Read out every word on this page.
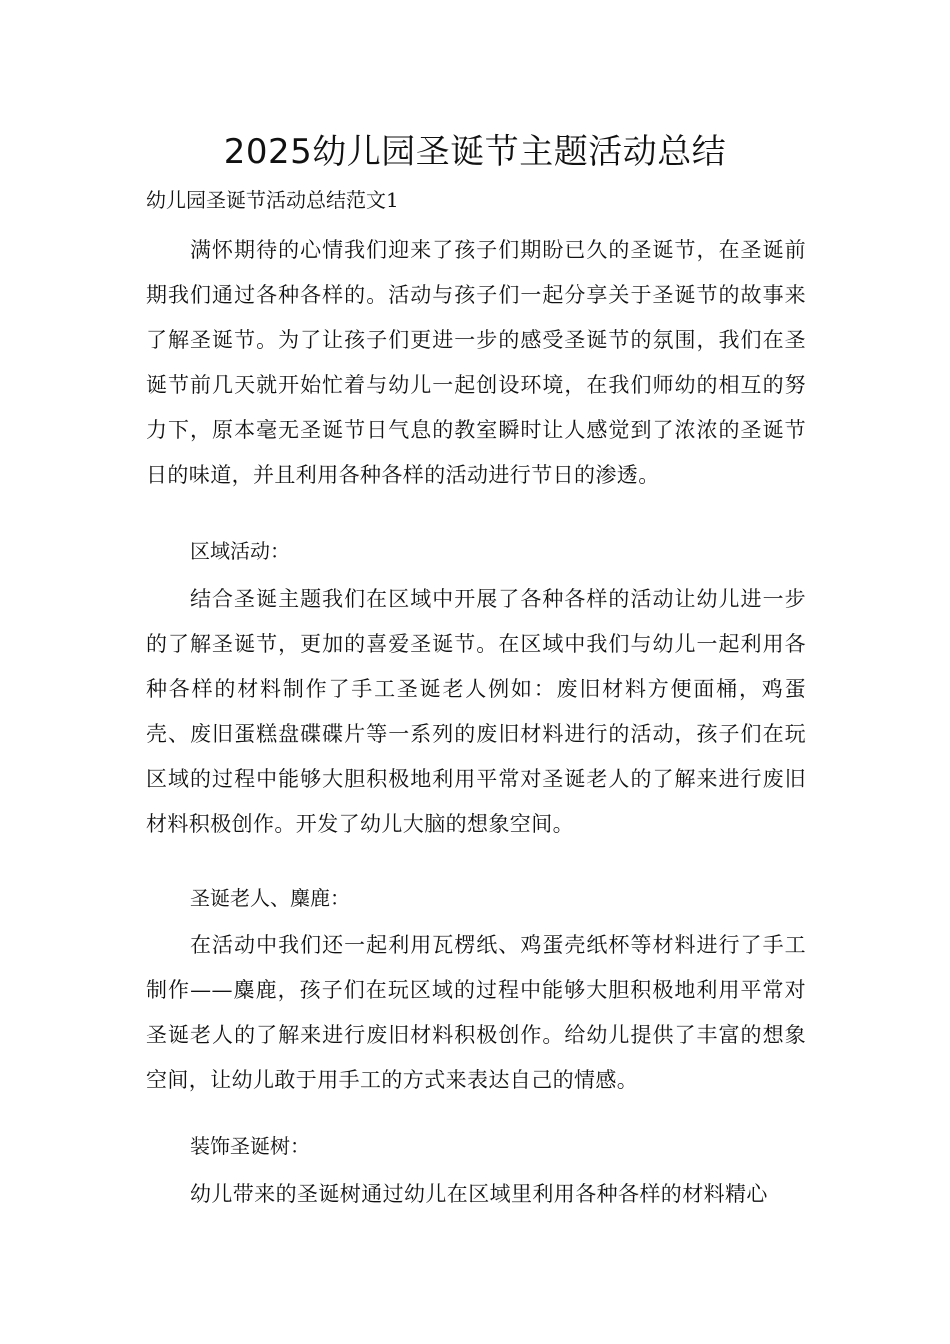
2025幼儿园圣诞节主题活动总结

幼儿园圣诞节活动总结范文1

满怀期待的心情我们迎来了孩子们期盼已久的圣诞节，在圣诞前期我们通过各种各样的。活动与孩子们一起分享关于圣诞节的故事来了解圣诞节。为了让孩子们更进一步的感受圣诞节的氛围，我们在圣诞节前几天就开始忙着与幼儿一起创设环境，在我们师幼的相互的努力下，原本毫无圣诞节日气息的教室瞬时让人感觉到了浓浓的圣诞节日的味道，并且利用各种各样的活动进行节日的渗透。

区域活动：

结合圣诞主题我们在区域中开展了各种各样的活动让幼儿进一步的了解圣诞节，更加的喜爱圣诞节。在区域中我们与幼儿一起利用各种各样的材料制作了手工圣诞老人例如：废旧材料方便面桶，鸡蛋壳、废旧蛋糕盘碟碟片等一系列的废旧材料进行的活动，孩子们在玩区域的过程中能够大胆积极地利用平常对圣诞老人的了解来进行废旧材料积极创作。开发了幼儿大脑的想象空间。

圣诞老人、麋鹿：

在活动中我们还一起利用瓦楞纸、鸡蛋壳纸杯等材料进行了手工制作——麋鹿，孩子们在玩区域的过程中能够大胆积极地利用平常对圣诞老人的了解来进行废旧材料积极创作。给幼儿提供了丰富的想象空间，让幼儿敢于用手工的方式来表达自己的情感。

装饰圣诞树：

幼儿带来的圣诞树通过幼儿在区域里利用各种各样的材料精心
